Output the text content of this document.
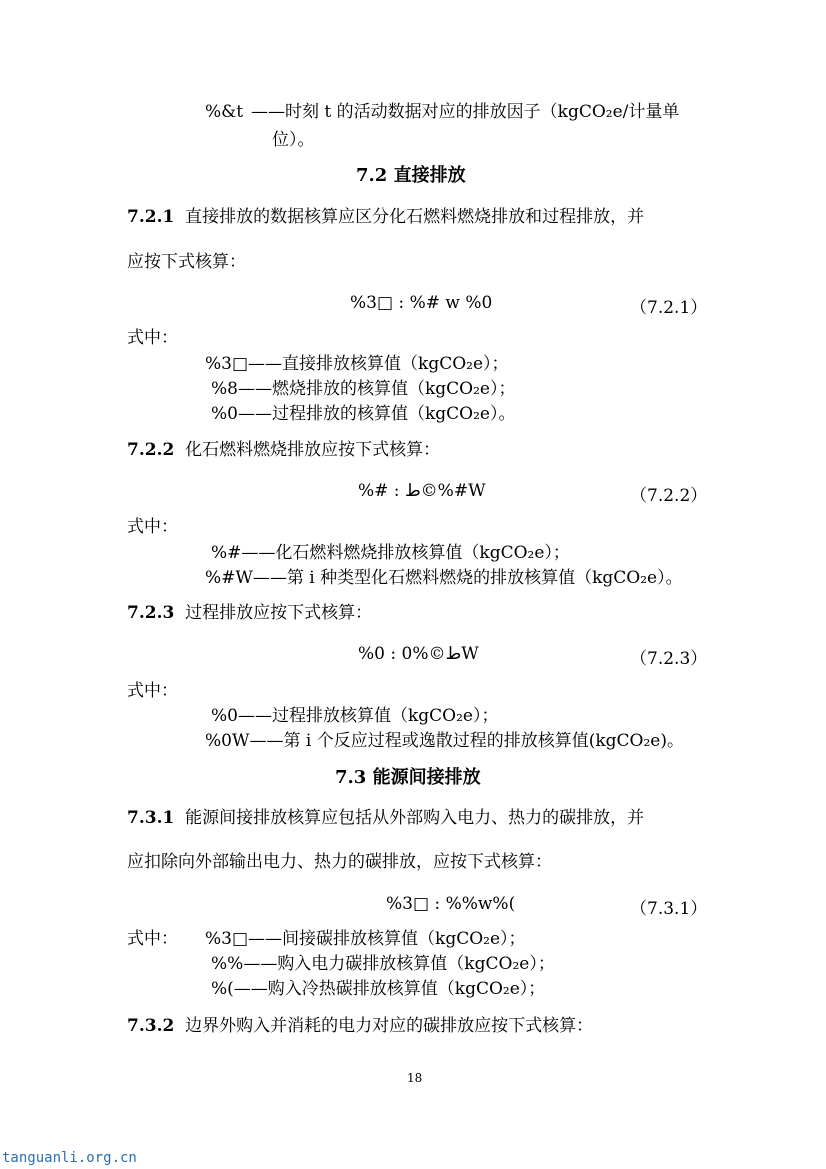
%&t ——时刻 t 的活动数据对应的排放因子（kgCO₂e/计量单
位）。
7.2 直接排放
7.2.1 直接排放的数据核算应区分化石燃料燃烧排放和过程排放，并
应按下式核算：
%3□ : %# w %0	（7.2.1）
式中：
%3□——直接排放核算值（kgCO₂e）；
%8——燃烧排放的核算值（kgCO₂e）；
%0——过程排放的核算值（kgCO₂e）。
7.2.2 化石燃料燃烧排放应按下式核算：
%# : ط©%#W	（7.2.2）
式中：
%#——化石燃料燃烧排放核算值（kgCO₂e）；
%#W——第 i 种类型化石燃料燃烧的排放核算值（kgCO₂e）。
7.2.3 过程排放应按下式核算：
%0 : ط©%0W	（7.2.3）
式中：
%0——过程排放核算值（kgCO₂e）；
%0W——第 i 个反应过程或逸散过程的排放核算值(kgCO₂e)。
7.3 能源间接排放
7.3.1 能源间接排放核算应包括从外部购入电力、热力的碳排放，并
应扣除向外部输出电力、热力的碳排放，应按下式核算：
%3□ : %%w%(	（7.3.1）
式中： %3□——间接碳排放核算值（kgCO₂e）；
%%——购入电力碳排放核算值（kgCO₂e）；
%(——购入冷热碳排放核算值（kgCO₂e）；
7.3.2 边界外购入并消耗的电力对应的碳排放应按下式核算：
18
tanguanli.org.cn
